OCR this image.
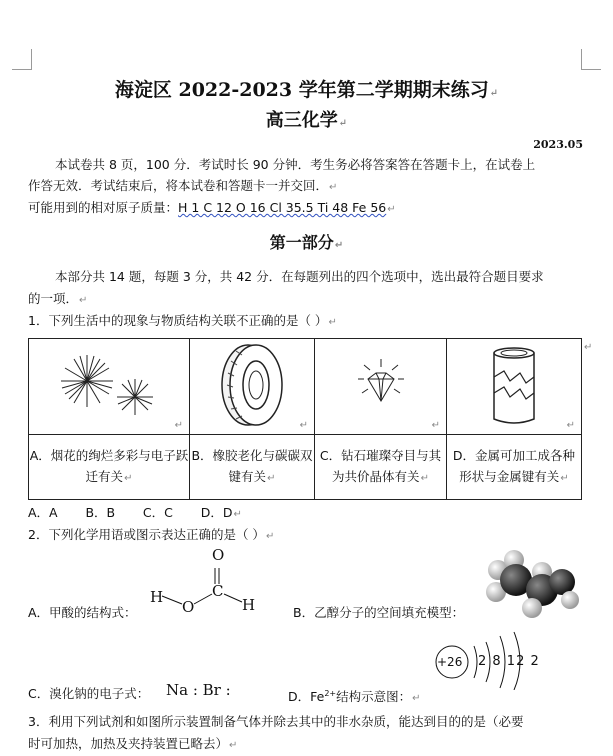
海淀区 2022-2023 学年第二学期期末练习↵
高三化学↵
2023.05
本试卷共 8 页，100 分．考试时长 90 分钟．考生务必将答案答在答题卡上，在试卷上
作答无效．考试结束后，将本试卷和答题卡一并交回．↵
可能用到的相对原子质量：H 1 C 12 O 16 Cl 35.5 Ti 48 Fe 56↵
第一部分↵
本部分共 14 题，每题 3 分，共 42 分．在每题列出的四个选项中，选出最符合题目要求
的一项．↵
1．下列生活中的现象与物质结构关联不正确的是（ ）↵
↵	↵	↵	↵

A．烟花的绚烂多彩与电子跃迁有关↵	B．橡胶老化与碳碳双键有关↵	C．钻石璀璨夺目与其为共价晶体有关↵	D．金属可加工成各种形状与金属键有关↵
↵
A．A B．B C．C D．D↵
2．下列化学用语或图示表达正确的是（ ）↵
A．甲酸的结构式：
H
O
C
O
H	B．乙醇分子的空间填充模型：
C．溴化钠的电子式： Na : Br :	D．$Fe^{2+}$结构示意图：↵
+26 2 8 12 2
3．利用下列试剂和如图所示装置制备气体并除去其中的非水杂质，能达到目的的是（必要
时可加热，加热及夹持装置已略去）↵
